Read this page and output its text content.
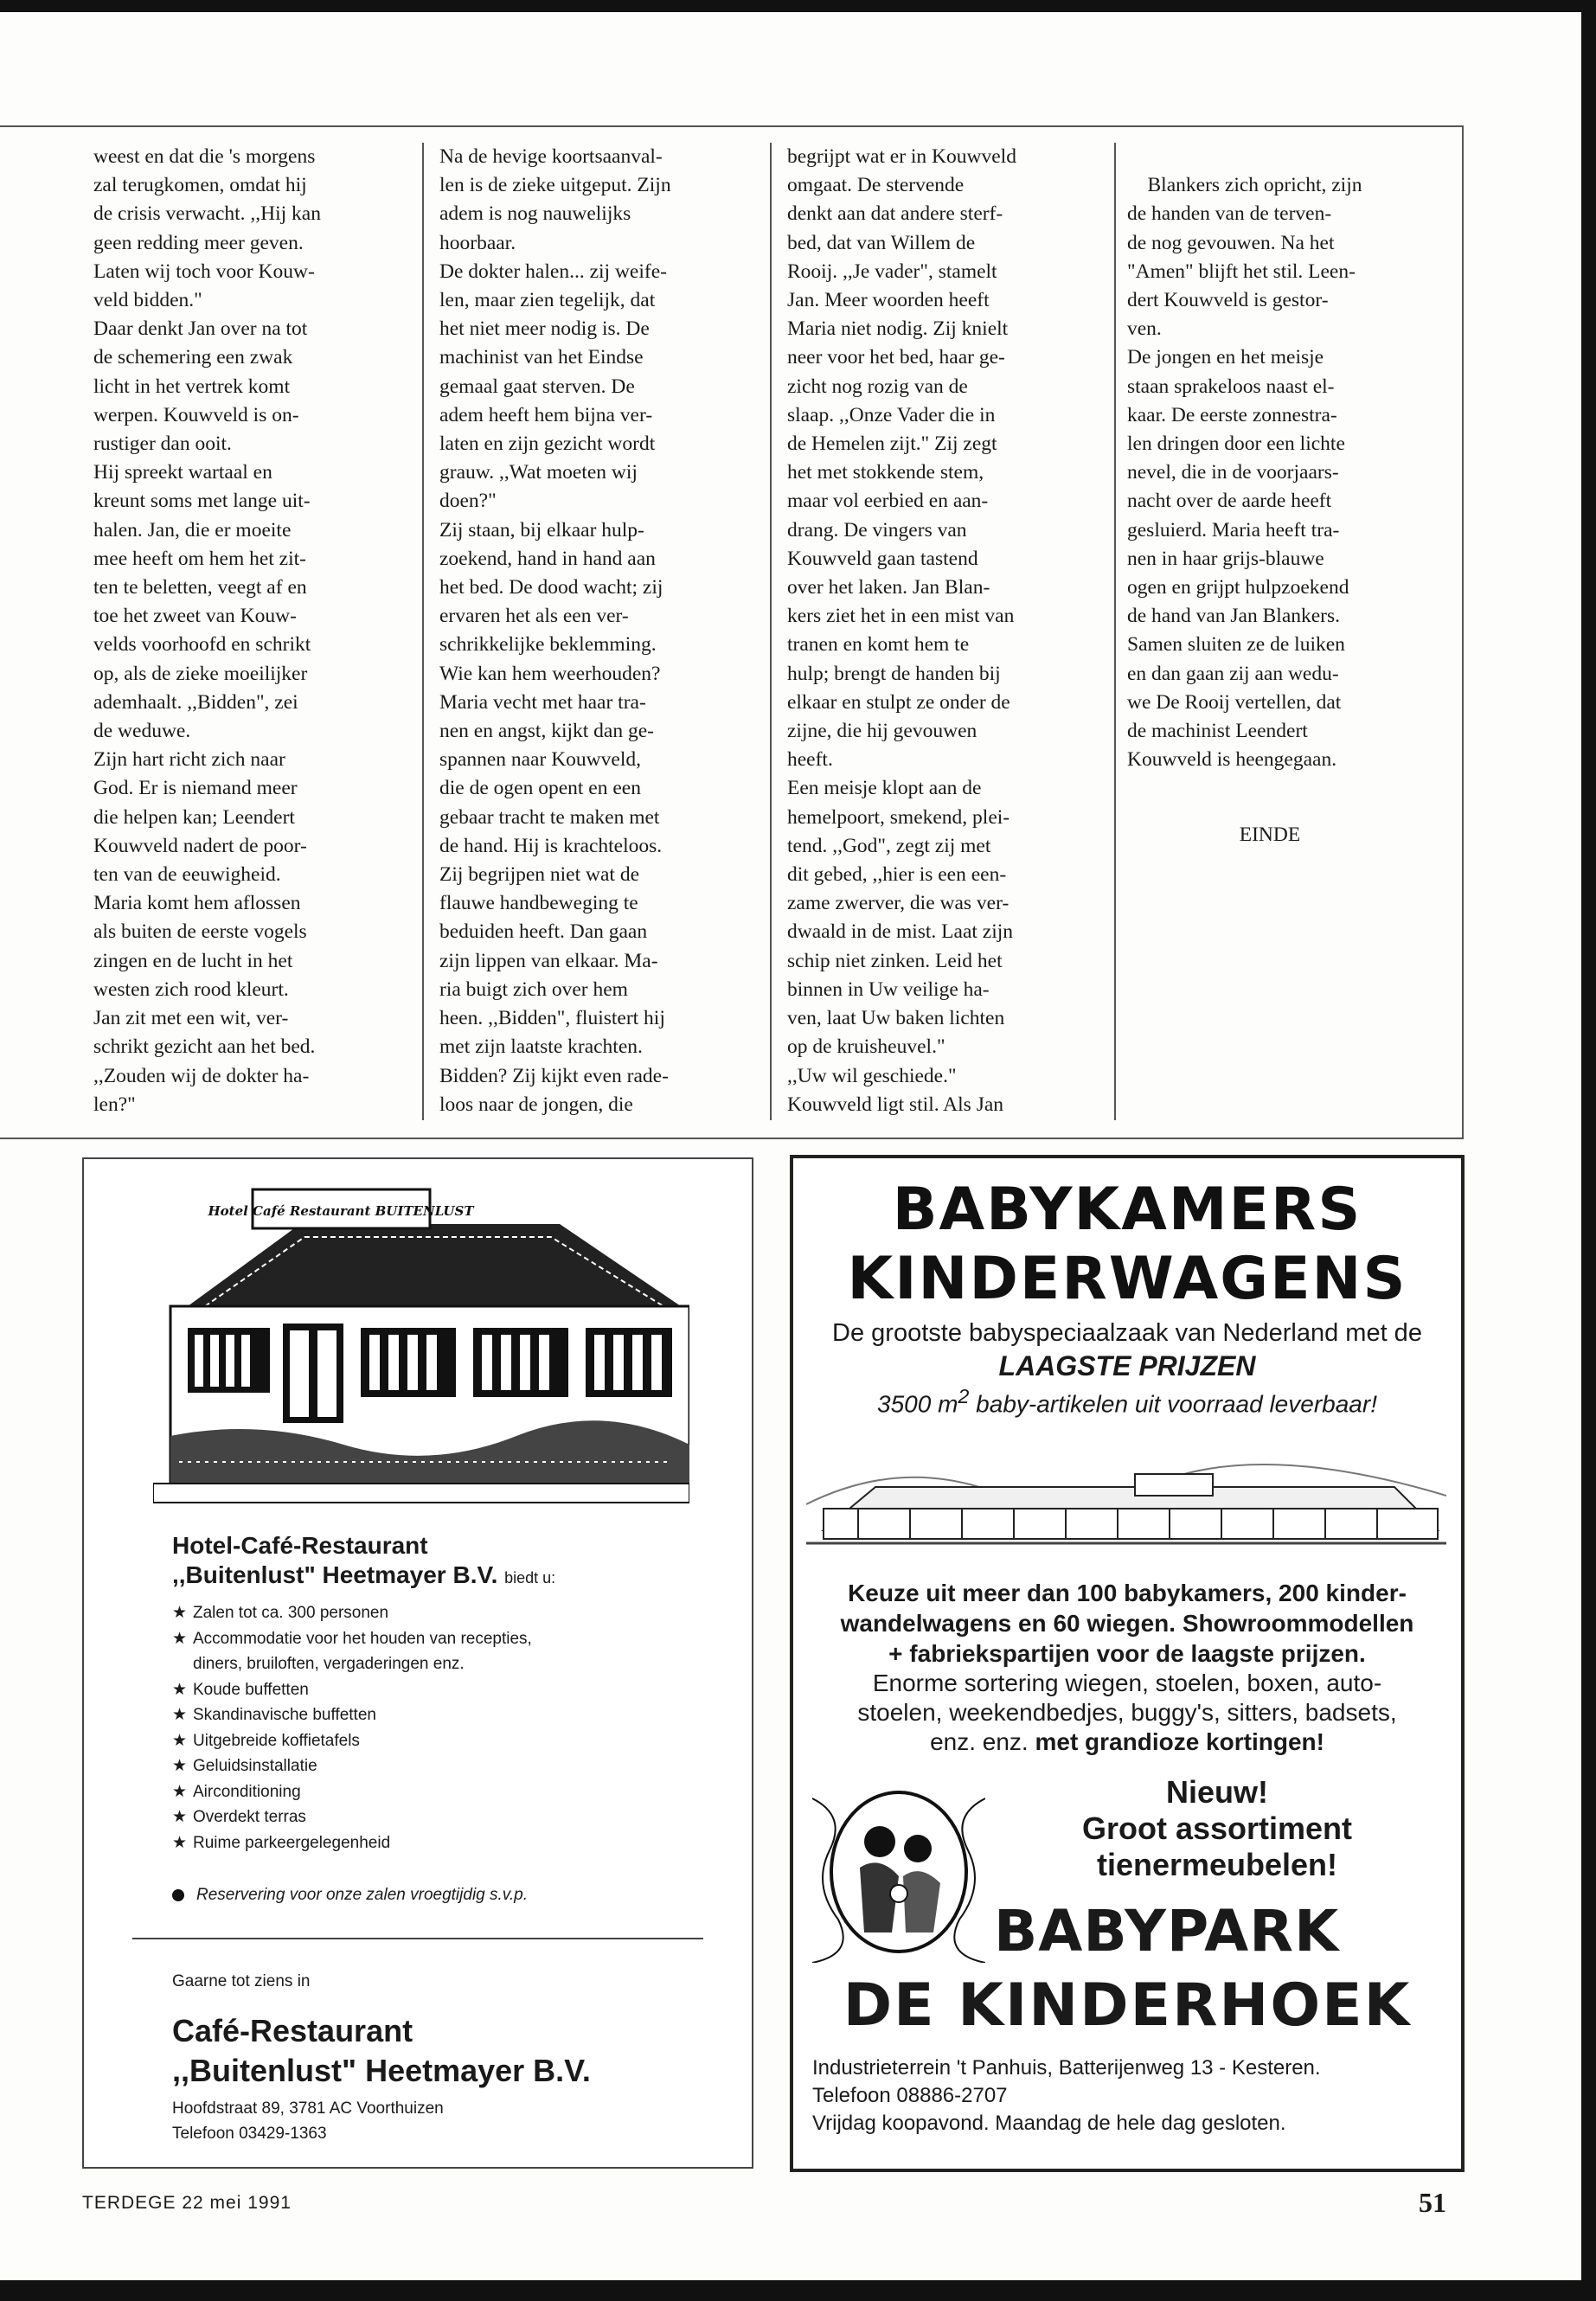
weest en dat die 's morgens
zal terugkomen, omdat hij
de crisis verwacht. ,,Hij kan
geen redding meer geven.
Laten wij toch voor Kouw-
veld bidden."
Daar denkt Jan over na tot
de schemering een zwak
licht in het vertrek komt
werpen. Kouwveld is on-
rustiger dan ooit.
Hij spreekt wartaal en
kreunt soms met lange uit-
halen. Jan, die er moeite
mee heeft om hem het zit-
ten te beletten, veegt af en
toe het zweet van Kouw-
velds voorhoofd en schrikt
op, als de zieke moeilijker
ademhaalt. ,,Bidden", zei
de weduwe.
Zijn hart richt zich naar
God. Er is niemand meer
die helpen kan; Leendert
Kouwveld nadert de poor-
ten van de eeuwigheid.
Maria komt hem aflossen
als buiten de eerste vogels
zingen en de lucht in het
westen zich rood kleurt.
Jan zit met een wit, ver-
schrikt gezicht aan het bed.
,,Zouden wij de dokter ha-
len?"
Na de hevige koortsaanval-
len is de zieke uitgeput. Zijn
adem is nog nauwelijks
hoorbaar.
De dokter halen... zij weife-
len, maar zien tegelijk, dat
het niet meer nodig is. De
machinist van het Eindse
gemaal gaat sterven. De
adem heeft hem bijna ver-
laten en zijn gezicht wordt
grauw. ,,Wat moeten wij
doen?"
Zij staan, bij elkaar hulp-
zoekend, hand in hand aan
het bed. De dood wacht; zij
ervaren het als een ver-
schrikkelijke beklemming.
Wie kan hem weerhouden?
Maria vecht met haar tra-
nen en angst, kijkt dan ge-
spannen naar Kouwveld,
die de ogen opent en een
gebaar tracht te maken met
de hand. Hij is krachteloos.
Zij begrijpen niet wat de
flauwe handbeweging te
beduiden heeft. Dan gaan
zijn lippen van elkaar. Ma-
ria buigt zich over hem
heen. ,,Bidden", fluistert hij
met zijn laatste krachten.
Bidden? Zij kijkt even rade-
loos naar de jongen, die
begrijpt wat er in Kouwveld
omgaat. De stervende
denkt aan dat andere sterf-
bed, dat van Willem de
Rooij. ,,Je vader", stamelt
Jan. Meer woorden heeft
Maria niet nodig. Zij knielt
neer voor het bed, haar ge-
zicht nog rozig van de
slaap. ,,Onze Vader die in
de Hemelen zijt." Zij zegt
het met stokkende stem,
maar vol eerbied en aan-
drang. De vingers van
Kouwveld gaan tastend
over het laken. Jan Blan-
kers ziet het in een mist van
tranen en komt hem te
hulp; brengt de handen bij
elkaar en stulpt ze onder de
zijne, die hij gevouwen
heeft.
Een meisje klopt aan de
hemelpoort, smekend, plei-
tend. ,,God", zegt zij met
dit gebed, ,,hier is een een-
zame zwerver, die was ver-
dwaald in de mist. Laat zijn
schip niet zinken. Leid het
binnen in Uw veilige ha-
ven, laat Uw baken lichten
op de kruisheuvel."
,,Uw wil geschiede."
Kouwveld ligt stil. Als Jan

Blankers zich opricht, zijn
de handen van de terven-
de nog gevouwen. Na het
"Amen" blijft het stil. Leen-
dert Kouwveld is gestor-
ven.
De jongen en het meisje
staan sprakeloos naast el-
kaar. De eerste zonnestra-
len dringen door een lichte
nevel, die in de voorjaars-
nacht over de aarde heeft
gesluierd. Maria heeft tra-
nen in haar grijs-blauwe
ogen en grijpt hulpzoekend
de hand van Jan Blankers.
Samen sluiten ze de luiken
en dan gaan zij aan wedu-
we De Rooij vertellen, dat
de machinist Leendert
Kouwveld is heengegaan.

EINDE

Hotel Café Restaurant BUITENLUST
Hotel-Café-Restaurant
,,Buitenlust" Heetmayer B.V. biedt u:
★ Zalen tot ca. 300 personen
★ Accommodatie voor het houden van recepties,
diners, bruiloften, vergaderingen enz.
★ Koude buffetten
★ Skandinavische buffetten
★ Uitgebreide koffietafels
★ Geluidsinstallatie
★ Airconditioning
★ Overdekt terras
★ Ruime parkeergelegenheid
Reservering voor onze zalen vroegtijdig s.v.p.
Gaarne tot ziens in
Café-Restaurant
,,Buitenlust" Heetmayer B.V.
Hoofdstraat 89, 3781 AC Voorthuizen
Telefoon 03429-1363
BABYKAMERS
KINDERWAGENS
De grootste babyspeciaalzaak van Nederland met de
LAAGSTE PRIJZEN
3500 $m^2$ baby-artikelen uit voorraad leverbaar!
Keuze uit meer dan 100 babykamers, 200 kinder-
wandelwagens en 60 wiegen. Showroommodellen
+ fabriekspartijen voor de laagste prijzen.
Enorme sortering wiegen, stoelen, boxen, auto-
stoelen, weekendbedjes, buggy's, sitters, badsets,
enz. enz. met grandioze kortingen!
Nieuw!
Groot assortiment
tienermeubelen!
BABYPARK
DE KINDERHOEK
Industrieterrein 't Panhuis, Batterijenweg 13 - Kesteren.
Telefoon 08886-2707
Vrijdag koopavond. Maandag de hele dag gesloten.
TERDEGE 22 mei 1991	51
